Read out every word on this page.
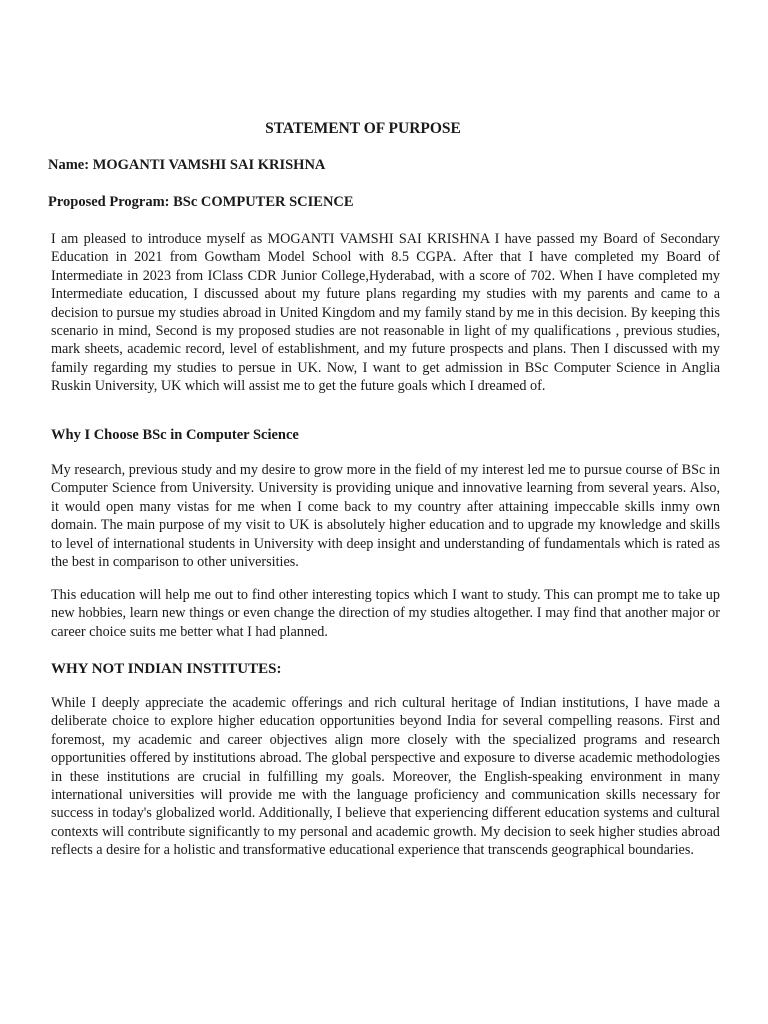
STATEMENT OF PURPOSE

Name: MOGANTI VAMSHI SAI KRISHNA

Proposed Program: BSc COMPUTER SCIENCE

I am pleased to introduce myself as MOGANTI VAMSHI SAI KRISHNA I have passed my Board of Secondary Education in 2021 from Gowtham Model School with 8.5 CGPA. After that I have completed my Board of Intermediate in 2023 from IClass CDR Junior College,Hyderabad, with a score of 702. When I have completed my Intermediate education, I discussed about my future plans regarding my studies with my parents and came to a decision to pursue my studies abroad in United Kingdom and my family stand by me in this decision. By keeping this scenario in mind, Second is my proposed studies are not reasonable in light of my qualifications , previous studies, mark sheets, academic record, level of establishment, and my future prospects and plans. Then I discussed with my family regarding my studies to persue in UK. Now, I want to get admission in BSc Computer Science in Anglia Ruskin University, UK which will assist me to get the future goals which I dreamed of.

Why I Choose BSc in Computer Science

My research, previous study and my desire to grow more in the field of my interest led me to pursue course of BSc in Computer Science from University. University is providing unique and innovative learning from several years. Also, it would open many vistas for me when I come back to my country after attaining impeccable skills inmy own domain. The main purpose of my visit to UK is absolutely higher education and to upgrade my knowledge and skills to level of international students in University with deep insight and understanding of fundamentals which is rated as the best in comparison to other universities.

This education will help me out to find other interesting topics which I want to study. This can prompt me to take up new hobbies, learn new things or even change the direction of my studies altogether. I may find that another major or career choice suits me better what I had planned.

WHY NOT INDIAN INSTITUTES:

While I deeply appreciate the academic offerings and rich cultural heritage of Indian institutions, I have made a deliberate choice to explore higher education opportunities beyond India for several compelling reasons. First and foremost, my academic and career objectives align more closely with the specialized programs and research opportunities offered by institutions abroad. The global perspective and exposure to diverse academic methodologies in these institutions are crucial in fulfilling my goals. Moreover, the English-speaking environment in many international universities will provide me with the language proficiency and communication skills necessary for success in today's globalized world. Additionally, I believe that experiencing different education systems and cultural contexts will contribute significantly to my personal and academic growth. My decision to seek higher studies abroad reflects a desire for a holistic and transformative educational experience that transcends geographical boundaries.
